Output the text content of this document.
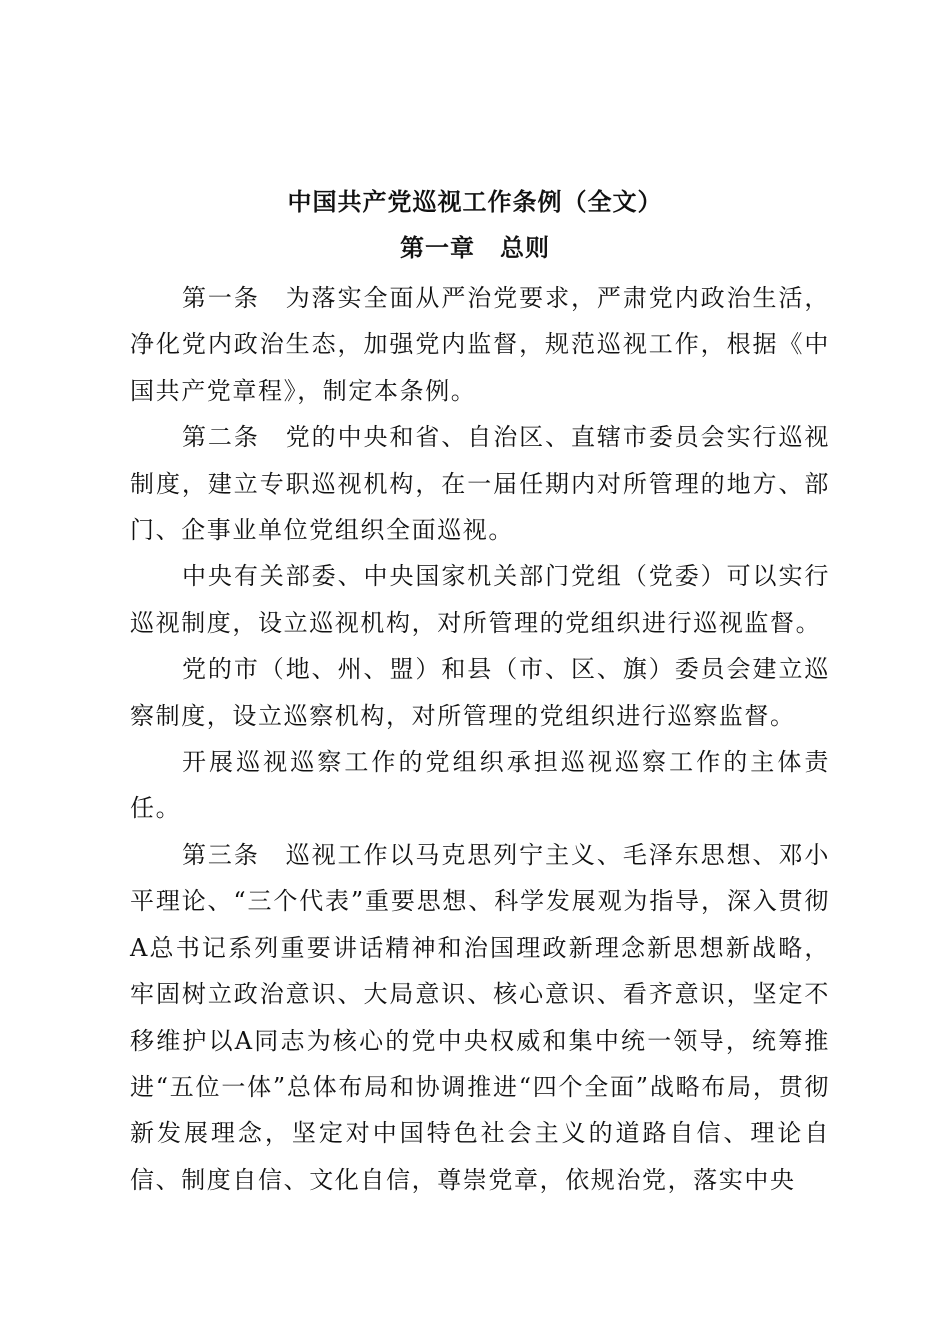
中国共产党巡视工作条例（全文）
第一章　总则

第一条　为落实全面从严治党要求，严肃党内政治生活，净化党内政治生态，加强党内监督，规范巡视工作，根据《中国共产党章程》，制定本条例。

第二条　党的中央和省、自治区、直辖市委员会实行巡视制度，建立专职巡视机构，在一届任期内对所管理的地方、部门、企事业单位党组织全面巡视。

中央有关部委、中央国家机关部门党组（党委）可以实行巡视制度，设立巡视机构，对所管理的党组织进行巡视监督。

党的市（地、州、盟）和县（市、区、旗）委员会建立巡察制度，设立巡察机构，对所管理的党组织进行巡察监督。

开展巡视巡察工作的党组织承担巡视巡察工作的主体责任。

第三条　巡视工作以马克思列宁主义、毛泽东思想、邓小平理论、“三个代表”重要思想、科学发展观为指导，深入贯彻A总书记系列重要讲话精神和治国理政新理念新思想新战略，牢固树立政治意识、大局意识、核心意识、看齐意识，坚定不移维护以A同志为核心的党中央权威和集中统一领导，统筹推进“五位一体”总体布局和协调推进“四个全面”战略布局，贯彻新发展理念，坚定对中国特色社会主义的道路自信、理论自信、制度自信、文化自信，尊崇党章，依规治党，落实中央
